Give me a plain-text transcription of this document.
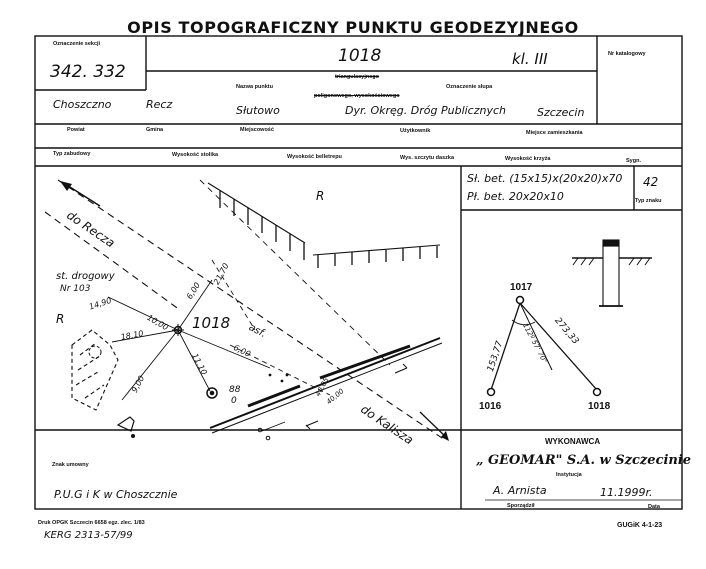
OPIS TOPOGRAFICZNY PUNKTU GEODEZYJNEGO
Oznaczenie sekcji
342. 332
1018	kl. III	Nr katalogowy
triangulacyjnego
Nazwa punktu
poligonowego, wysokościowego
Oznaczenie słupa
Choszczno	Recz	Słutowo	Dyr. Okręg. Dróg Publicznych	Szczecin
Powiat	Gmina	Miejscowość	Użytkownik	Miejsce zamieszkania
Typ zabudowy	Wysokość stolika	Wysokość belletrepu	Wys. szczytu daszka	Wysokość krzyża	Sygn.
Sł. bet. (15x15)x(20x20)x70
Pł. bet. 20x20x10
42
Typ znaku
do Recza
do Kalisza
R
R
st. drogowy
Nr 103
1018 asf.
14,90
18,10
10,00
9,00
11,10
6,00
21,70
6,00
88
0
40,05
40,00
1017
1016	1018
153,77
273,33
112º 57' 70"
Znak umowny
P.U.G i K w Choszcznie
WYKONAWCA
„ GEOMAR" S.A. w Szczecinie
Instytucja
A. Arnista	11.1999r.
Sporządził	Data
Druk OPGK Szczecin 6658 egz. zlec. 1/83
KERG 2313-57/99
GUGiK 4-1-23
